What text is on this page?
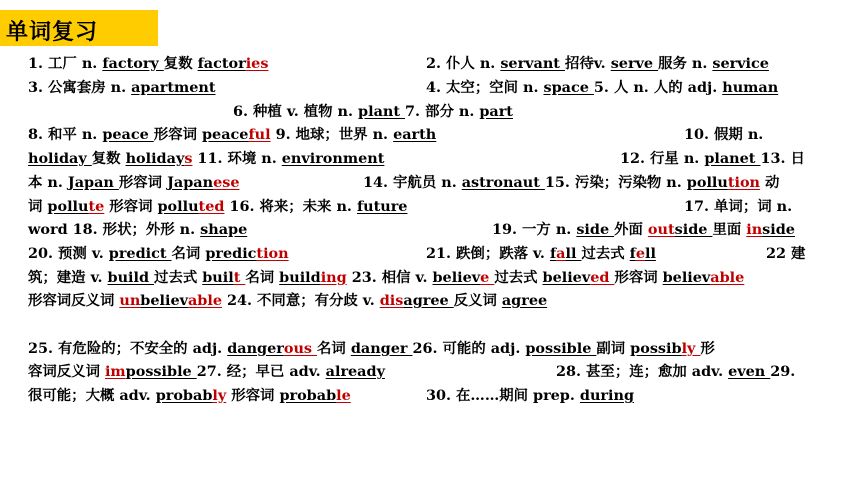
单词复习
1. 工厂 n. factory 复数 factories	2. 仆人 n. servant 招待v. serve 服务 n. service
3. 公寓套房 n. apartment	4. 太空；空间 n. space 5. 人 n. 人的 adj. human
6. 种植 v. 植物 n. plant 7. 部分 n. part
8. 和平 n. peace 形容词 peaceful 9. 地球；世界 n. earth	10. 假期 n.
holiday 复数 holidays 11. 环境 n. environment	12. 行星 n. planet 13. 日
本 n. Japan 形容词 Japanese	14. 宇航员 n. astronaut 15. 污染；污染物 n. pollution 动
词 pollute 形容词 polluted 16. 将来；未来 n. future	17. 单词；词 n.
word 18. 形状；外形 n. shape	19. 一方 n. side 外面 outside 里面 inside
20. 预测 v. predict 名词 prediction	21. 跌倒；跌落 v. fall 过去式 fell	22 建
筑；建造 v. build 过去式 built 名词 building 23. 相信 v. believe 过去式 believed 形容词 believable
形容词反义词 unbelievable 24. 不同意；有分歧 v. disagree 反义词 agree
25. 有危险的；不安全的 adj. dangerous 名词 danger 26. 可能的 adj. possible 副词 possibly 形
容词反义词 impossible 27. 经；早已 adv. already	28. 甚至；连；愈加 adv. even 29.
很可能；大概 adv. probably 形容词 probable	30. 在……期间 prep. during
